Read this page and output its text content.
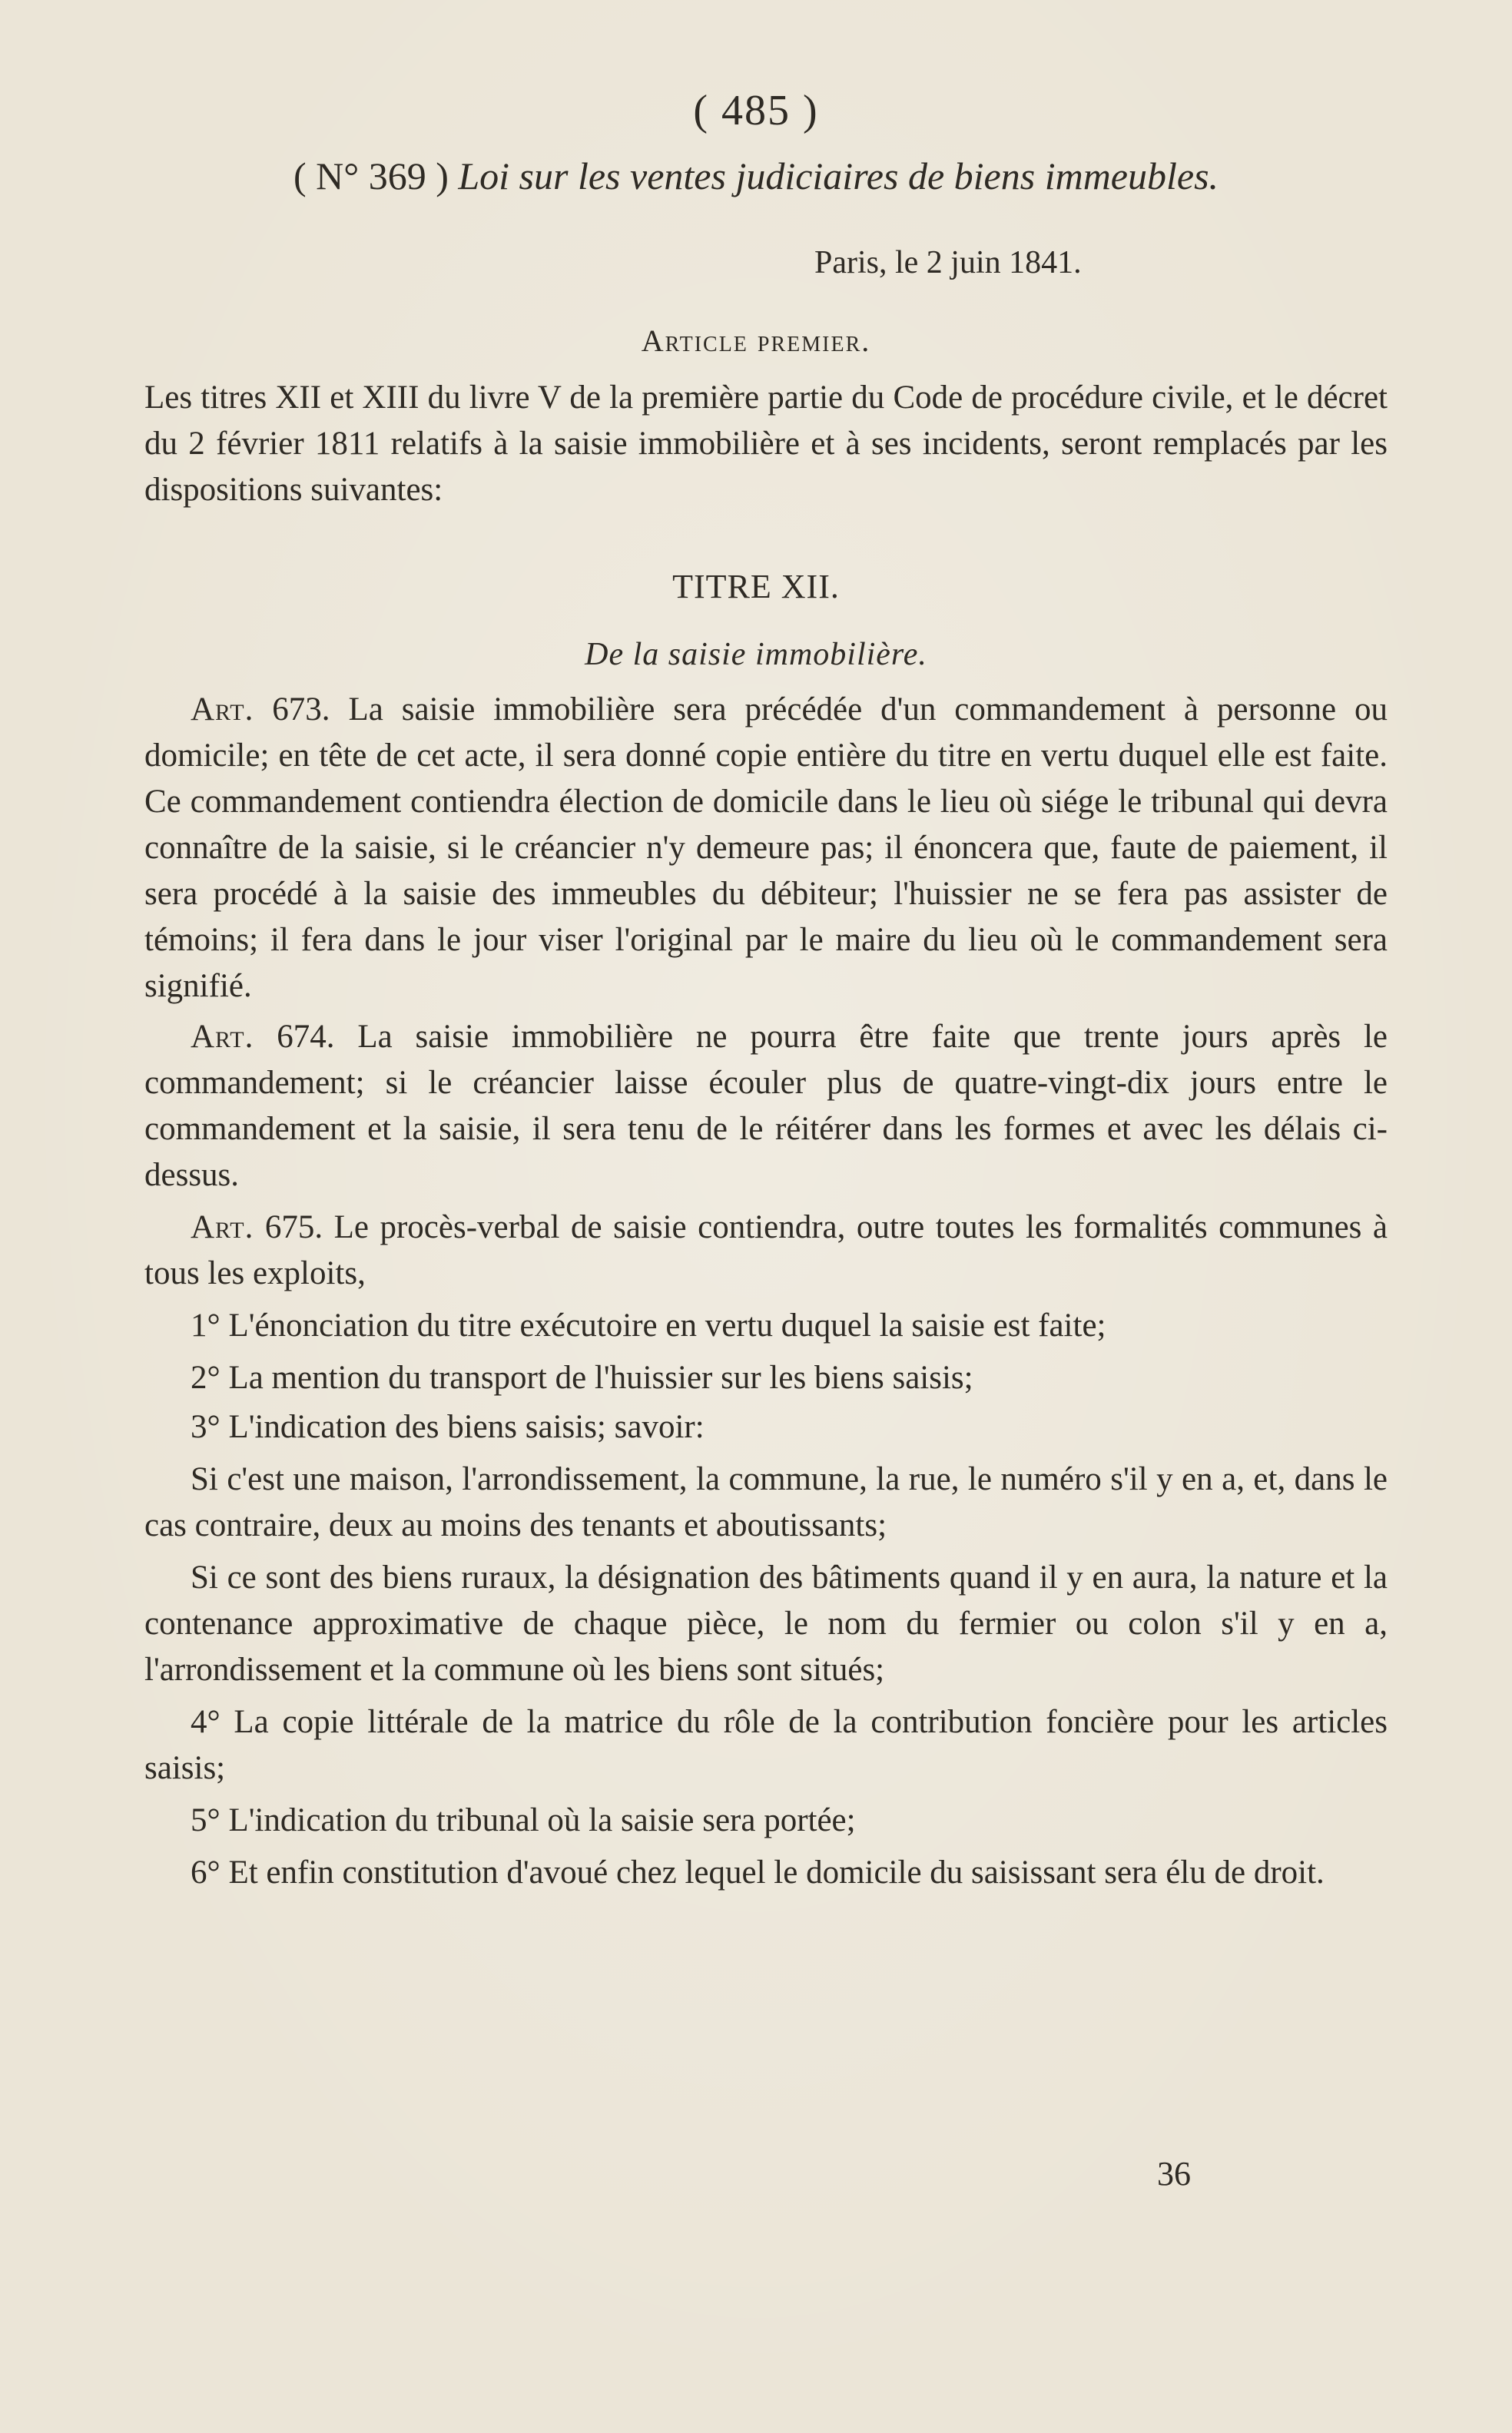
( 485 )
( N° 369 ) Loi sur les ventes judiciaires de biens immeubles.
Paris, le 2 juin 1841.
Article premier.

Les titres XII et XIII du livre V de la première partie du Code de procédure civile, et le décret du 2 février 1811 relatifs à la saisie immobilière et à ses incidents, seront remplacés par les dispositions suivantes:

TITRE XII.
De la saisie immobilière.

Art. 673. La saisie immobilière sera précédée d'un commandement à personne ou domicile; en tête de cet acte, il sera donné copie entière du titre en vertu duquel elle est faite. Ce commandement contiendra élection de domicile dans le lieu où siége le tribunal qui devra connaître de la saisie, si le créancier n'y demeure pas; il énoncera que, faute de paiement, il sera procédé à la saisie des immeubles du débiteur; l'huissier ne se fera pas assister de témoins; il fera dans le jour viser l'original par le maire du lieu où le commandement sera signifié.

Art. 674. La saisie immobilière ne pourra être faite que trente jours après le commandement; si le créancier laisse écouler plus de quatre-vingt-dix jours entre le commandement et la saisie, il sera tenu de le réitérer dans les formes et avec les délais ci-dessus.

Art. 675. Le procès-verbal de saisie contiendra, outre toutes les formalités communes à tous les exploits,

1° L'énonciation du titre exécutoire en vertu duquel la saisie est faite;

2° La mention du transport de l'huissier sur les biens saisis;

3° L'indication des biens saisis; savoir:

Si c'est une maison, l'arrondissement, la commune, la rue, le numéro s'il y en a, et, dans le cas contraire, deux au moins des tenants et aboutissants;

Si ce sont des biens ruraux, la désignation des bâtiments quand il y en aura, la nature et la contenance approximative de chaque pièce, le nom du fermier ou colon s'il y en a, l'arrondissement et la commune où les biens sont situés;

4° La copie littérale de la matrice du rôle de la contribution foncière pour les articles saisis;

5° L'indication du tribunal où la saisie sera portée;

6° Et enfin constitution d'avoué chez lequel le domicile du saisissant sera élu de droit.

36
